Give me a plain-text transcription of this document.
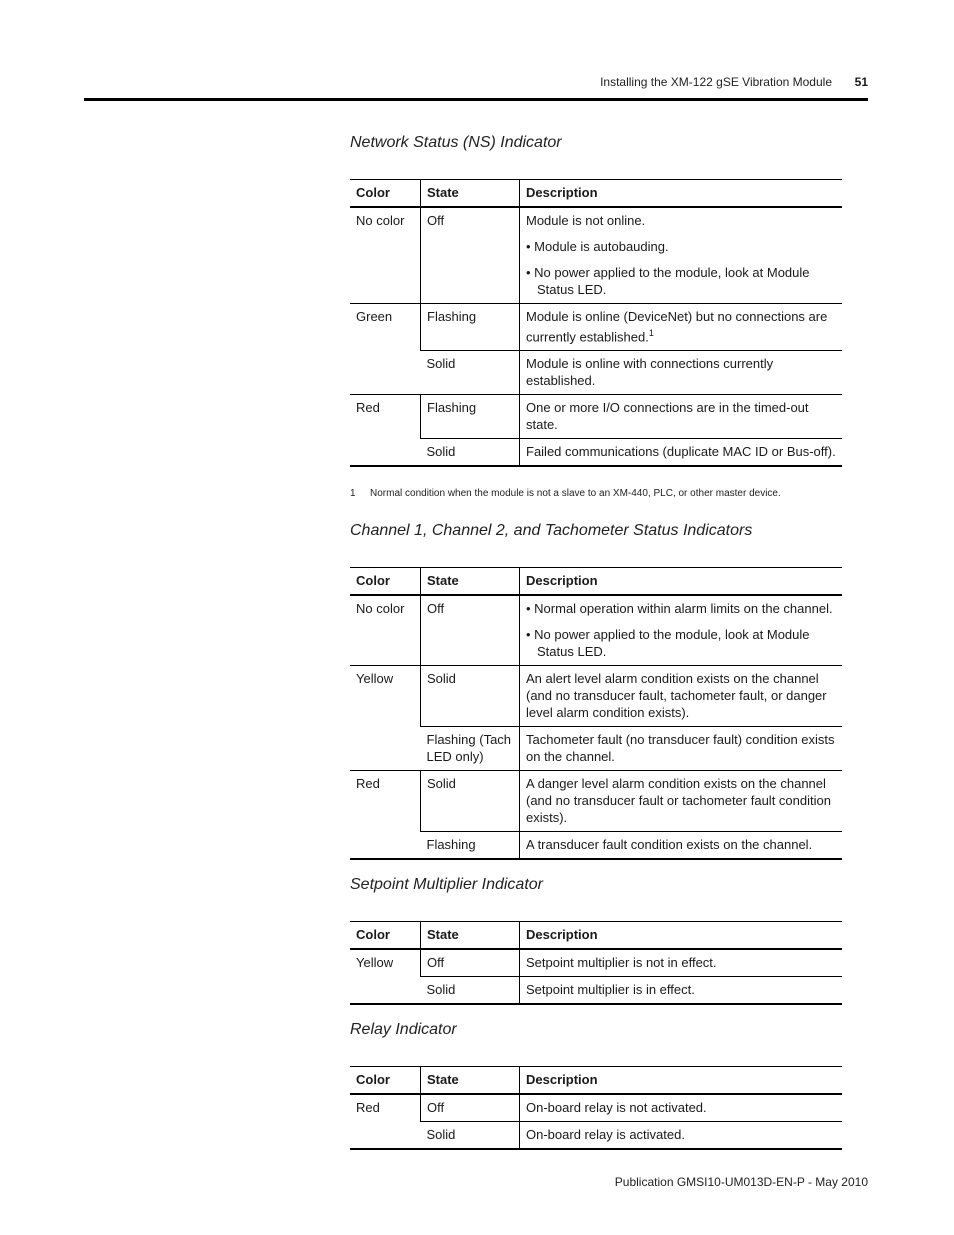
Installing the XM-122 gSE Vibration Module 51
Network Status (NS) Indicator
Color	State	Description
No color	Off	Module is not online.

• Module is autobauding.

• No power applied to the module, look at Module Status LED.

Green	Flashing	Module is online (DeviceNet) but no connections are currently established.$^1$
	Solid	Module is online with connections currently established.
Red	Flashing	One or more I/O connections are in the timed-out state.
	Solid	Failed communications (duplicate MAC ID or Bus-off).
1 Normal condition when the module is not a slave to an XM-440, PLC, or other master device.
Channel 1, Channel 2, and Tachometer Status Indicators
Color	State	Description
No color	Off	• Normal operation within alarm limits on the channel.

• No power applied to the module, look at Module Status LED.

Yellow	Solid	An alert level alarm condition exists on the channel (and no transducer fault, tachometer fault, or danger level alarm condition exists).
	Flashing (Tach LED only)	Tachometer fault (no transducer fault) condition exists on the channel.
Red	Solid	A danger level alarm condition exists on the channel (and no transducer fault or tachometer fault condition exists).
	Flashing	A transducer fault condition exists on the channel.
Setpoint Multiplier Indicator
Color	State	Description
Yellow	Off	Setpoint multiplier is not in effect.
	Solid	Setpoint multiplier is in effect.
Relay Indicator
Color	State	Description
Red	Off	On-board relay is not activated.
	Solid	On-board relay is activated.
Publication GMSI10-UM013D-EN-P - May 2010
